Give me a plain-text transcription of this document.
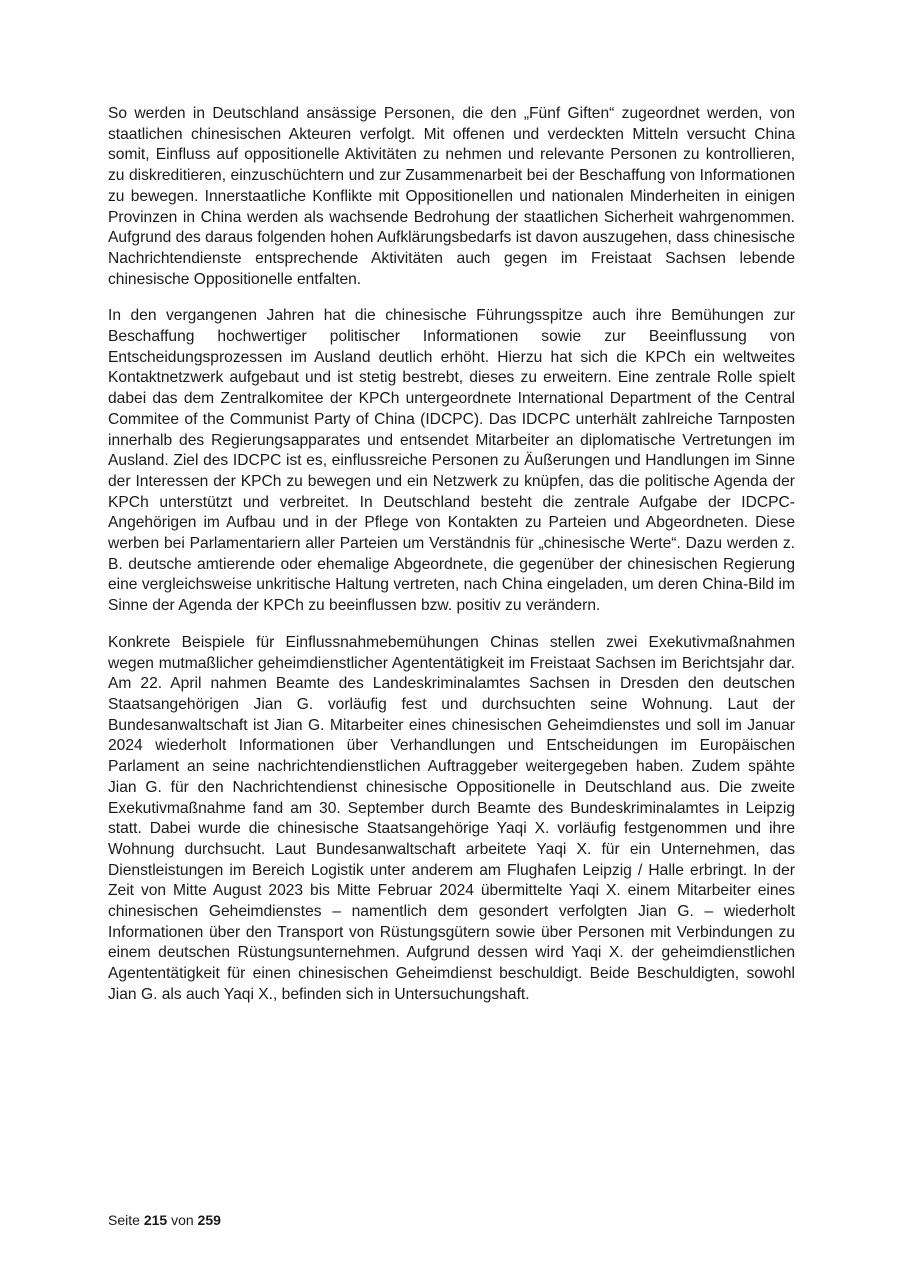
So werden in Deutschland ansässige Personen, die den „Fünf Giften“ zugeordnet werden, von staatlichen chinesischen Akteuren verfolgt. Mit offenen und verdeckten Mitteln versucht China somit, Einfluss auf oppositionelle Aktivitäten zu nehmen und relevante Personen zu kontrollieren, zu diskreditieren, einzuschüchtern und zur Zusammenarbeit bei der Beschaffung von Informationen zu bewegen. Innerstaatliche Konflikte mit Oppositionellen und nationalen Minderheiten in einigen Provinzen in China werden als wachsende Bedrohung der staatlichen Sicherheit wahrgenommen. Aufgrund des daraus folgenden hohen Aufklärungsbedarfs ist davon auszugehen, dass chinesische Nachrichtendienste entsprechende Aktivitäten auch gegen im Freistaat Sachsen lebende chinesische Oppositionelle entfalten.

In den vergangenen Jahren hat die chinesische Führungsspitze auch ihre Bemühungen zur Beschaffung hochwertiger politischer Informationen sowie zur Beeinflussung von Entscheidungsprozessen im Ausland deutlich erhöht. Hierzu hat sich die KPCh ein weltweites Kontaktnetzwerk aufgebaut und ist stetig bestrebt, dieses zu erweitern. Eine zentrale Rolle spielt dabei das dem Zentralkomitee der KPCh untergeordnete International Department of the Central Commitee of the Communist Party of China (IDCPC). Das IDCPC unterhält zahlreiche Tarnposten innerhalb des Regierungsapparates und entsendet Mitarbeiter an diplomatische Vertretungen im Ausland. Ziel des IDCPC ist es, einflussreiche Personen zu Äußerungen und Handlungen im Sinne der Interessen der KPCh zu bewegen und ein Netzwerk zu knüpfen, das die politische Agenda der KPCh unterstützt und verbreitet. In Deutschland besteht die zentrale Aufgabe der IDCPC-Angehörigen im Aufbau und in der Pflege von Kontakten zu Parteien und Abgeordneten. Diese werben bei Parlamentariern aller Parteien um Verständnis für „chinesische Werte“. Dazu werden z. B. deutsche amtierende oder ehemalige Abgeordnete, die gegenüber der chinesischen Regierung eine vergleichsweise unkritische Haltung vertreten, nach China eingeladen, um deren China-Bild im Sinne der Agenda der KPCh zu beeinflussen bzw. positiv zu verändern.

Konkrete Beispiele für Einflussnahmebemühungen Chinas stellen zwei Exekutivmaßnahmen wegen mutmaßlicher geheimdienstlicher Agententätigkeit im Freistaat Sachsen im Berichtsjahr dar. Am 22. April nahmen Beamte des Landeskriminalamtes Sachsen in Dresden den deutschen Staatsangehörigen Jian G. vorläufig fest und durchsuchten seine Wohnung. Laut der Bundesanwaltschaft ist Jian G. Mitarbeiter eines chinesischen Geheimdienstes und soll im Januar 2024 wiederholt Informationen über Verhandlungen und Entscheidungen im Europäischen Parlament an seine nachrichtendienstlichen Auftraggeber weitergegeben haben. Zudem spähte Jian G. für den Nachrichtendienst chinesische Oppositionelle in Deutschland aus. Die zweite Exekutivmaßnahme fand am 30. September durch Beamte des Bundeskriminalamtes in Leipzig statt. Dabei wurde die chinesische Staatsangehörige Yaqi X. vorläufig festgenommen und ihre Wohnung durchsucht. Laut Bundesanwaltschaft arbeitete Yaqi X. für ein Unternehmen, das Dienstleistungen im Bereich Logistik unter anderem am Flughafen Leipzig / Halle erbringt. In der Zeit von Mitte August 2023 bis Mitte Februar 2024 übermittelte Yaqi X. einem Mitarbeiter eines chinesischen Geheimdienstes – namentlich dem gesondert verfolgten Jian G. – wiederholt Informationen über den Transport von Rüstungsgütern sowie über Personen mit Verbindungen zu einem deutschen Rüstungsunternehmen. Aufgrund dessen wird Yaqi X. der geheimdienstlichen Agententätigkeit für einen chinesischen Geheimdienst beschuldigt. Beide Beschuldigten, sowohl Jian G. als auch Yaqi X., befinden sich in Untersuchungshaft.

Seite 215 von 259
